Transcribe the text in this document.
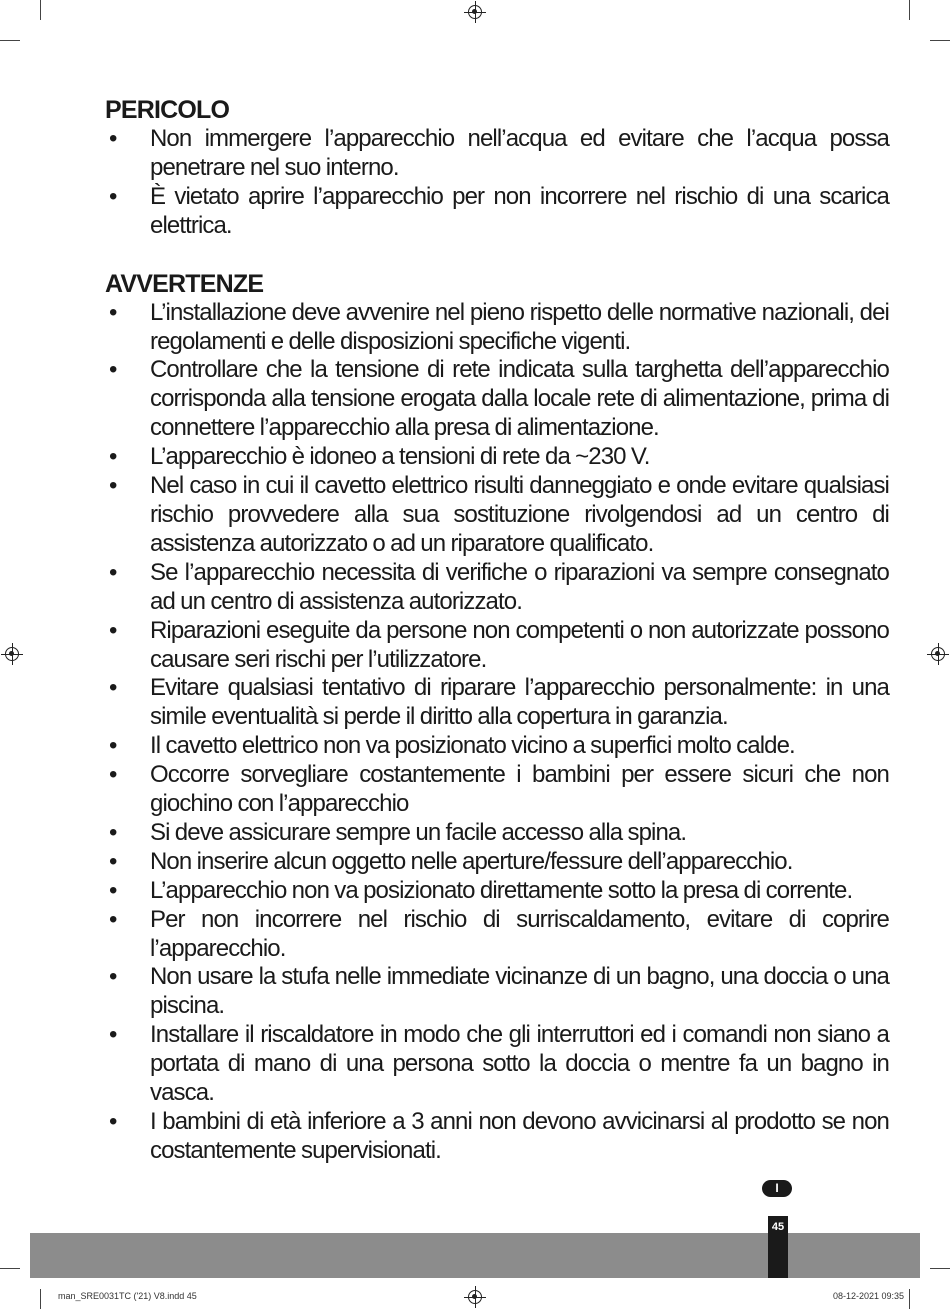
PERICOLO
• Non immergere l’apparecchio nell’acqua ed evitare che l’acqua possa penetrare nel suo interno.
• È vietato aprire l’apparecchio per non incorrere nel rischio di una scarica elettrica.
AVVERTENZE
• L’installazione deve avvenire nel pieno rispetto delle normative nazionali, dei regolamenti e delle disposizioni specifiche vigenti.
• Controllare che la tensione di rete indicata sulla targhetta dell’apparecchio corrisponda alla tensione erogata dalla locale rete di alimentazione, prima di connettere l’apparecchio alla presa di alimentazione.
• L’apparecchio è idoneo a tensioni di rete da ~230 V.
• Nel caso in cui il cavetto elettrico risulti danneggiato e onde evitare qualsiasi rischio provvedere alla sua sostituzione rivolgendosi ad un centro di assistenza autorizzato o ad un riparatore qualificato.
• Se l’apparecchio necessita di verifiche o riparazioni va sempre consegnato ad un centro di assistenza autorizzato.
• Riparazioni eseguite da persone non competenti o non autorizzate possono causare seri rischi per l’utilizzatore.
• Evitare qualsiasi tentativo di riparare l’apparecchio personalmente: in una simile eventualità si perde il diritto alla copertura in garanzia.
• Il cavetto elettrico non va posizionato vicino a superfici molto calde.
• Occorre sorvegliare costantemente i bambini per essere sicuri che non giochino con l’apparecchio
• Si deve assicurare sempre un facile accesso alla spina.
• Non inserire alcun oggetto nelle aperture/fessure dell’apparecchio.
• L’apparecchio non va posizionato direttamente sotto la presa di corrente.
• Per non incorrere nel rischio di surriscaldamento, evitare di coprire l’apparecchio.
• Non usare la stufa nelle immediate vicinanze di un bagno, una doccia o una piscina.
• Installare il riscaldatore in modo che gli interruttori ed i comandi non siano a portata di mano di una persona sotto la doccia o mentre fa un bagno in vasca.
• I bambini di età inferiore a 3 anni non devono avvicinarsi al prodotto se non costantemente supervisionati.
I
45
man_SRE0031TC ('21) V8.indd 45	08-12-2021 09:35
